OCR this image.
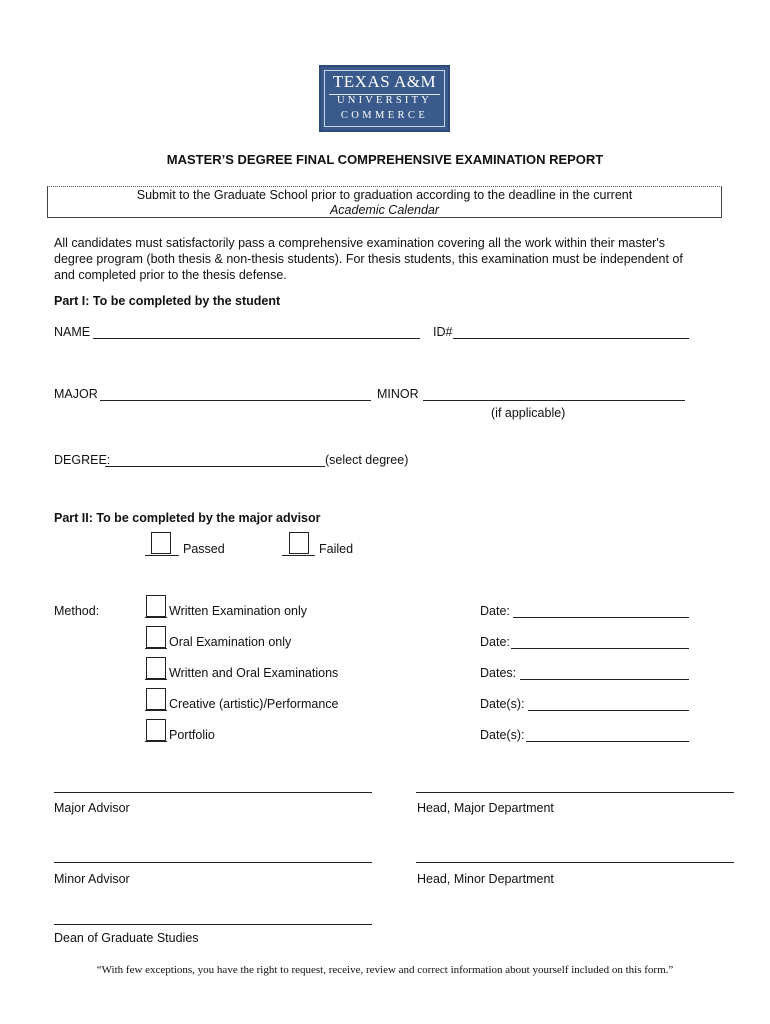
TEXAS A&M
UNIVERSITY
COMMERCE
MASTER’S DEGREE FINAL COMPREHENSIVE EXAMINATION REPORT
Submit to the Graduate School prior to graduation according to the deadline in the current
Academic Calendar
All candidates must satisfactorily pass a comprehensive examination covering all the work within their master's
degree program (both thesis & non-thesis students). For thesis students, this examination must be independent of
and completed prior to the thesis defense.
Part I: To be completed by the student
NAME	ID#
MAJOR	MINOR
(if applicable)
DEGREE:	(select degree)
Part II: To be completed by the major advisor
Passed	Failed
Method:	Written Examination only	Date:
Oral Examination only	Date:
Written and Oral Examinations	Dates:
Creative (artistic)/Performance	Date(s):
Portfolio	Date(s):
Major Advisor	Head, Major Department
Minor Advisor	Head, Minor Department
Dean of Graduate Studies
“With few exceptions, you have the right to request, receive, review and correct information about yourself included on this form.”
